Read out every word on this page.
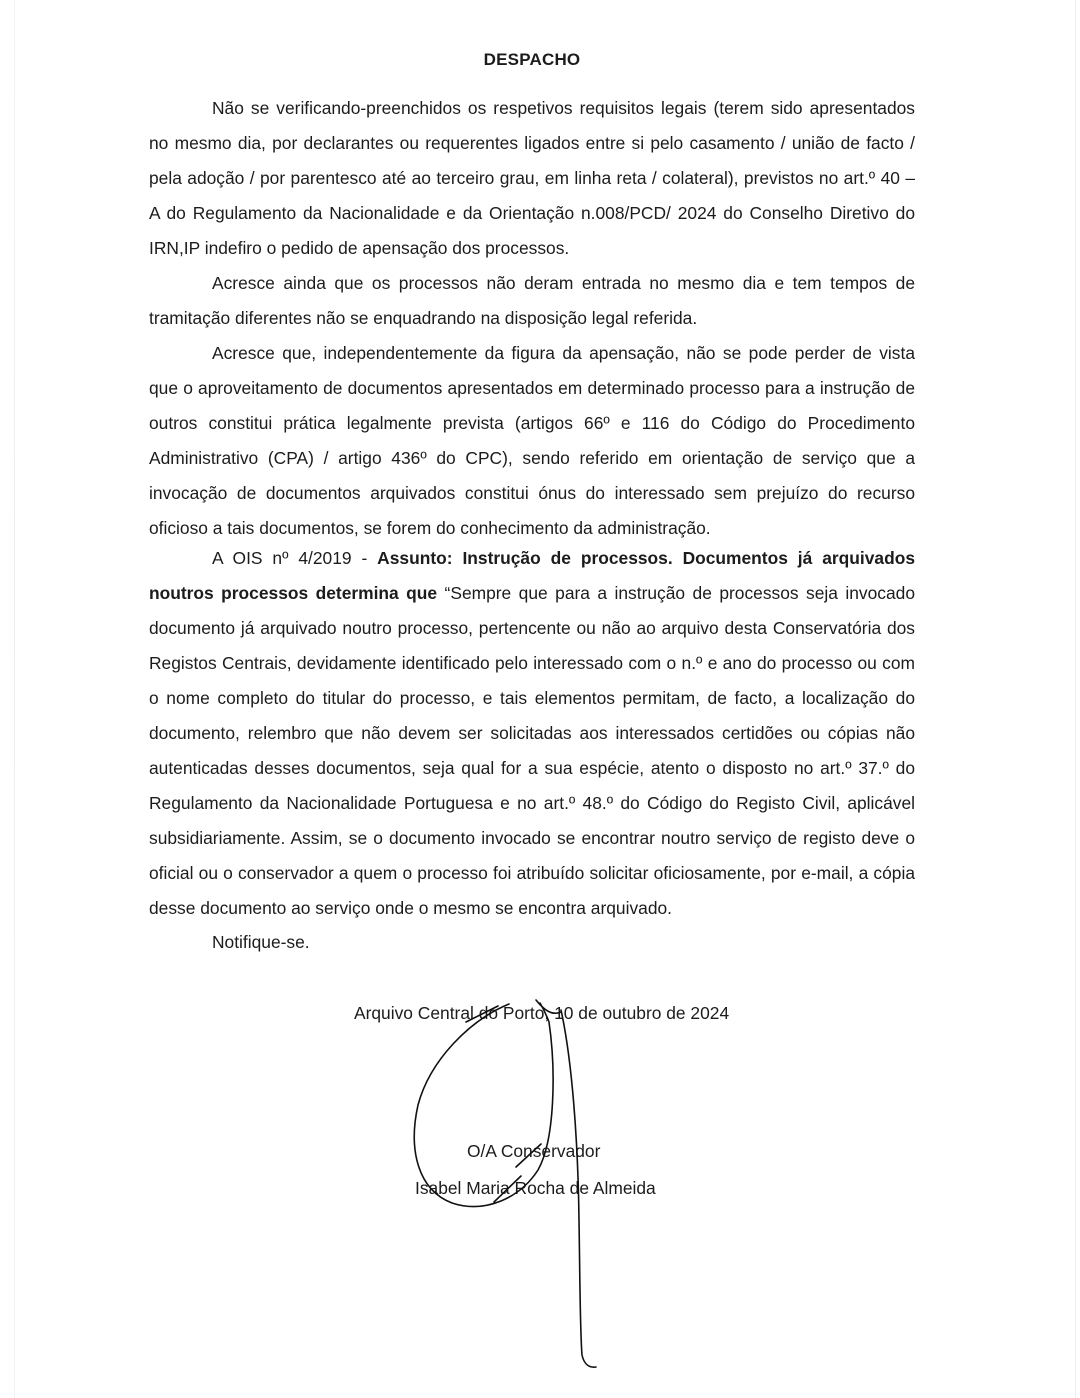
DESPACHO

Não se verificando-preenchidos os respetivos requisitos legais (terem sido apresentados no mesmo dia, por declarantes ou requerentes ligados entre si pelo casamento / união de facto / pela adoção / por parentesco até ao terceiro grau, em linha reta / colateral), previstos no art.º 40 – A do Regulamento da Nacionalidade e da Orientação n.008/PCD/ 2024 do Conselho Diretivo do IRN,IP indefiro o pedido de apensação dos processos.

Acresce ainda que os processos não deram entrada no mesmo dia e tem tempos de tramitação diferentes não se enquadrando na disposição legal referida.

Acresce que, independentemente da figura da apensação, não se pode perder de vista que o aproveitamento de documentos apresentados em determinado processo para a instrução de outros constitui prática legalmente prevista (artigos 66º e 116 do Código do Procedimento Administrativo (CPA) / artigo 436º do CPC), sendo referido em orientação de serviço que a invocação de documentos arquivados constitui ónus do interessado sem prejuízo do recurso oficioso a tais documentos, se forem do conhecimento da administração.

A OIS nº 4/2019 - Assunto: Instrução de processos. Documentos já arquivados noutros processos determina que “Sempre que para a instrução de processos seja invocado documento já arquivado noutro processo, pertencente ou não ao arquivo desta Conservatória dos Registos Centrais, devidamente identificado pelo interessado com o n.º e ano do processo ou com o nome completo do titular do processo, e tais elementos permitam, de facto, a localização do documento, relembro que não devem ser solicitadas aos interessados certidões ou cópias não autenticadas desses documentos, seja qual for a sua espécie, atento o disposto no art.º 37.º do Regulamento da Nacionalidade Portuguesa e no art.º 48.º do Código do Registo Civil, aplicável subsidiariamente. Assim, se o documento invocado se encontrar noutro serviço de registo deve o oficial ou o conservador a quem o processo foi atribuído solicitar oficiosamente, por e-mail, a cópia desse documento ao serviço onde o mesmo se encontra arquivado.

Notifique-se.

Arquivo Central do Porto, 10 de outubro de 2024
O/A Conservador
Isabel Maria Rocha de Almeida
